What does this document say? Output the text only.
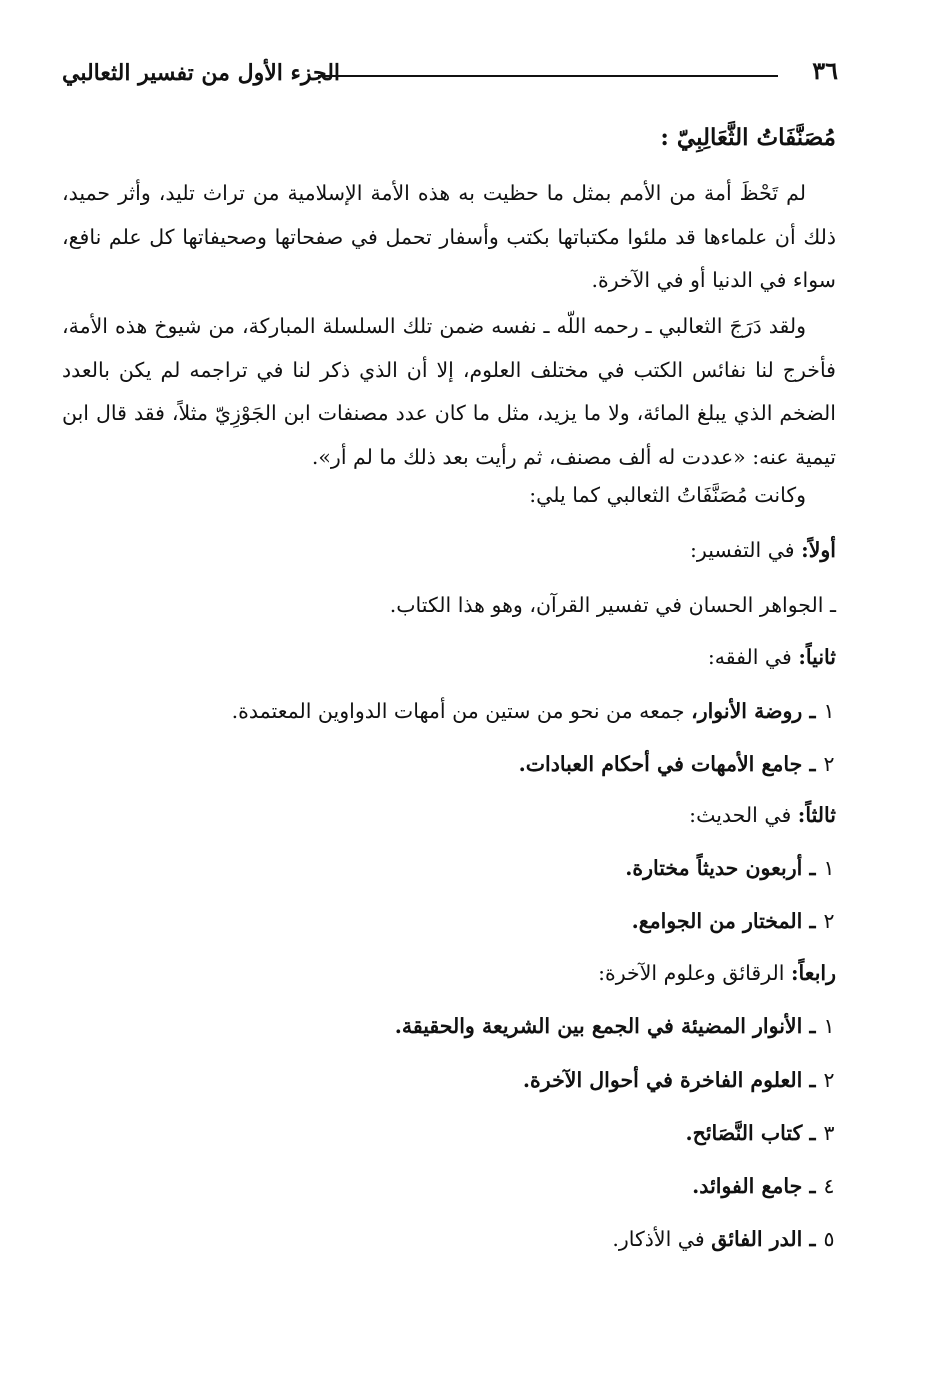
الجزء الأول من تفسير الثعالبي	٣٦
مُصَنَّفَاتُ الثَّعَالِبِيّ :
لم تَحْظَ أمة من الأمم بمثل ما حظيت به هذه الأمة الإسلامية من تراث تليد، وأثر حميد، ذلك أن علماءها قد ملئوا مكتباتها بكتب وأسفار تحمل في صفحاتها وصحيفاتها كل علم نافع، سواء في الدنيا أو في الآخرة.
ولقد دَرَجَ الثعالبي ـ رحمه اللّه ـ نفسه ضمن تلك السلسلة المباركة، من شيوخ هذه الأمة، فأخرج لنا نفائس الكتب في مختلف العلوم، إلا أن الذي ذكر لنا في تراجمه لم يكن بالعدد الضخم الذي يبلغ المائة، ولا ما يزيد، مثل ما كان عدد مصنفات ابن الجَوْزِيّ مثلاً، فقد قال ابن تيمية عنه: «عددت له ألف مصنف، ثم رأيت بعد ذلك ما لم أر».
وكانت مُصَنَّفَاتُ الثعالبي كما يلي:
أولاً: في التفسير:
ـ الجواهر الحسان في تفسير القرآن، وهو هذا الكتاب.
ثانياً: في الفقه:
١ ـ روضة الأنوار، جمعه من نحو من ستين من أمهات الدواوين المعتمدة.
٢ ـ جامع الأمهات في أحكام العبادات.
ثالثاً: في الحديث:
١ ـ أربعون حديثاً مختارة.
٢ ـ المختار من الجوامع.
رابعاً: الرقائق وعلوم الآخرة:
١ ـ الأنوار المضيئة في الجمع بين الشريعة والحقيقة.
٢ ـ العلوم الفاخرة في أحوال الآخرة.
٣ ـ كتاب النَّصَائح.
٤ ـ جامع الفوائد.
٥ ـ الدر الفائق في الأذكار.
